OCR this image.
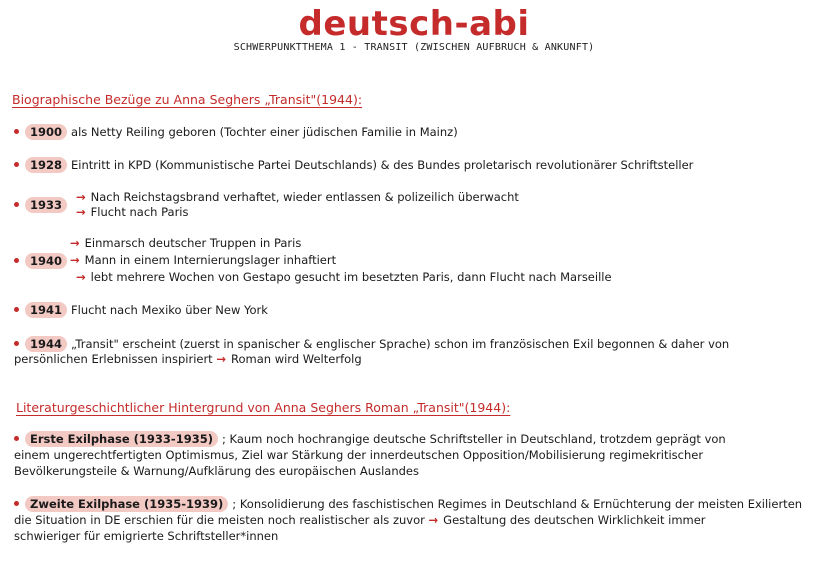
deutsch-abi
SCHWERPUNKTTHEMA 1 - TRANSIT (ZWISCHEN AUFBRUCH & ANKUNFT)
Biographische Bezüge zu Anna Seghers „Transit"(1944):
1900 als Netty Reiling geboren (Tochter einer jüdischen Familie in Mainz)
1928 Eintritt in KPD (Kommunistische Partei Deutschlands) & des Bundes proletarisch revolutionärer Schriftsteller
1933
→ Nach Reichstagsbrand verhaftet, wieder entlassen & polizeilich überwacht
→ Flucht nach Paris
1940
→ Einmarsch deutscher Truppen in Paris
→ Mann in einem Internierungslager inhaftiert
→ lebt mehrere Wochen von Gestapo gesucht im besetzten Paris, dann Flucht nach Marseille
1941 Flucht nach Mexiko über New York
1944 „Transit" erscheint (zuerst in spanischer & englischer Sprache) schon im französischen Exil begonnen & daher von
persönlichen Erlebnissen inspiriert → Roman wird Welterfolg
Literaturgeschichtlicher Hintergrund von Anna Seghers Roman „Transit"(1944):
Erste Exilphase (1933-1935) ; Kaum noch hochrangige deutsche Schriftsteller in Deutschland, trotzdem geprägt von
einem ungerechtfertigten Optimismus, Ziel war Stärkung der innerdeutschen Opposition/Mobilisierung regimekritischer
Bevölkerungsteile & Warnung/Aufklärung des europäischen Auslandes
Zweite Exilphase (1935-1939) ; Konsolidierung des faschistischen Regimes in Deutschland & Ernüchterung der meisten Exilierten
die Situation in DE erschien für die meisten noch realistischer als zuvor → Gestaltung des deutschen Wirklichkeit immer
schwieriger für emigrierte Schriftsteller*innen
